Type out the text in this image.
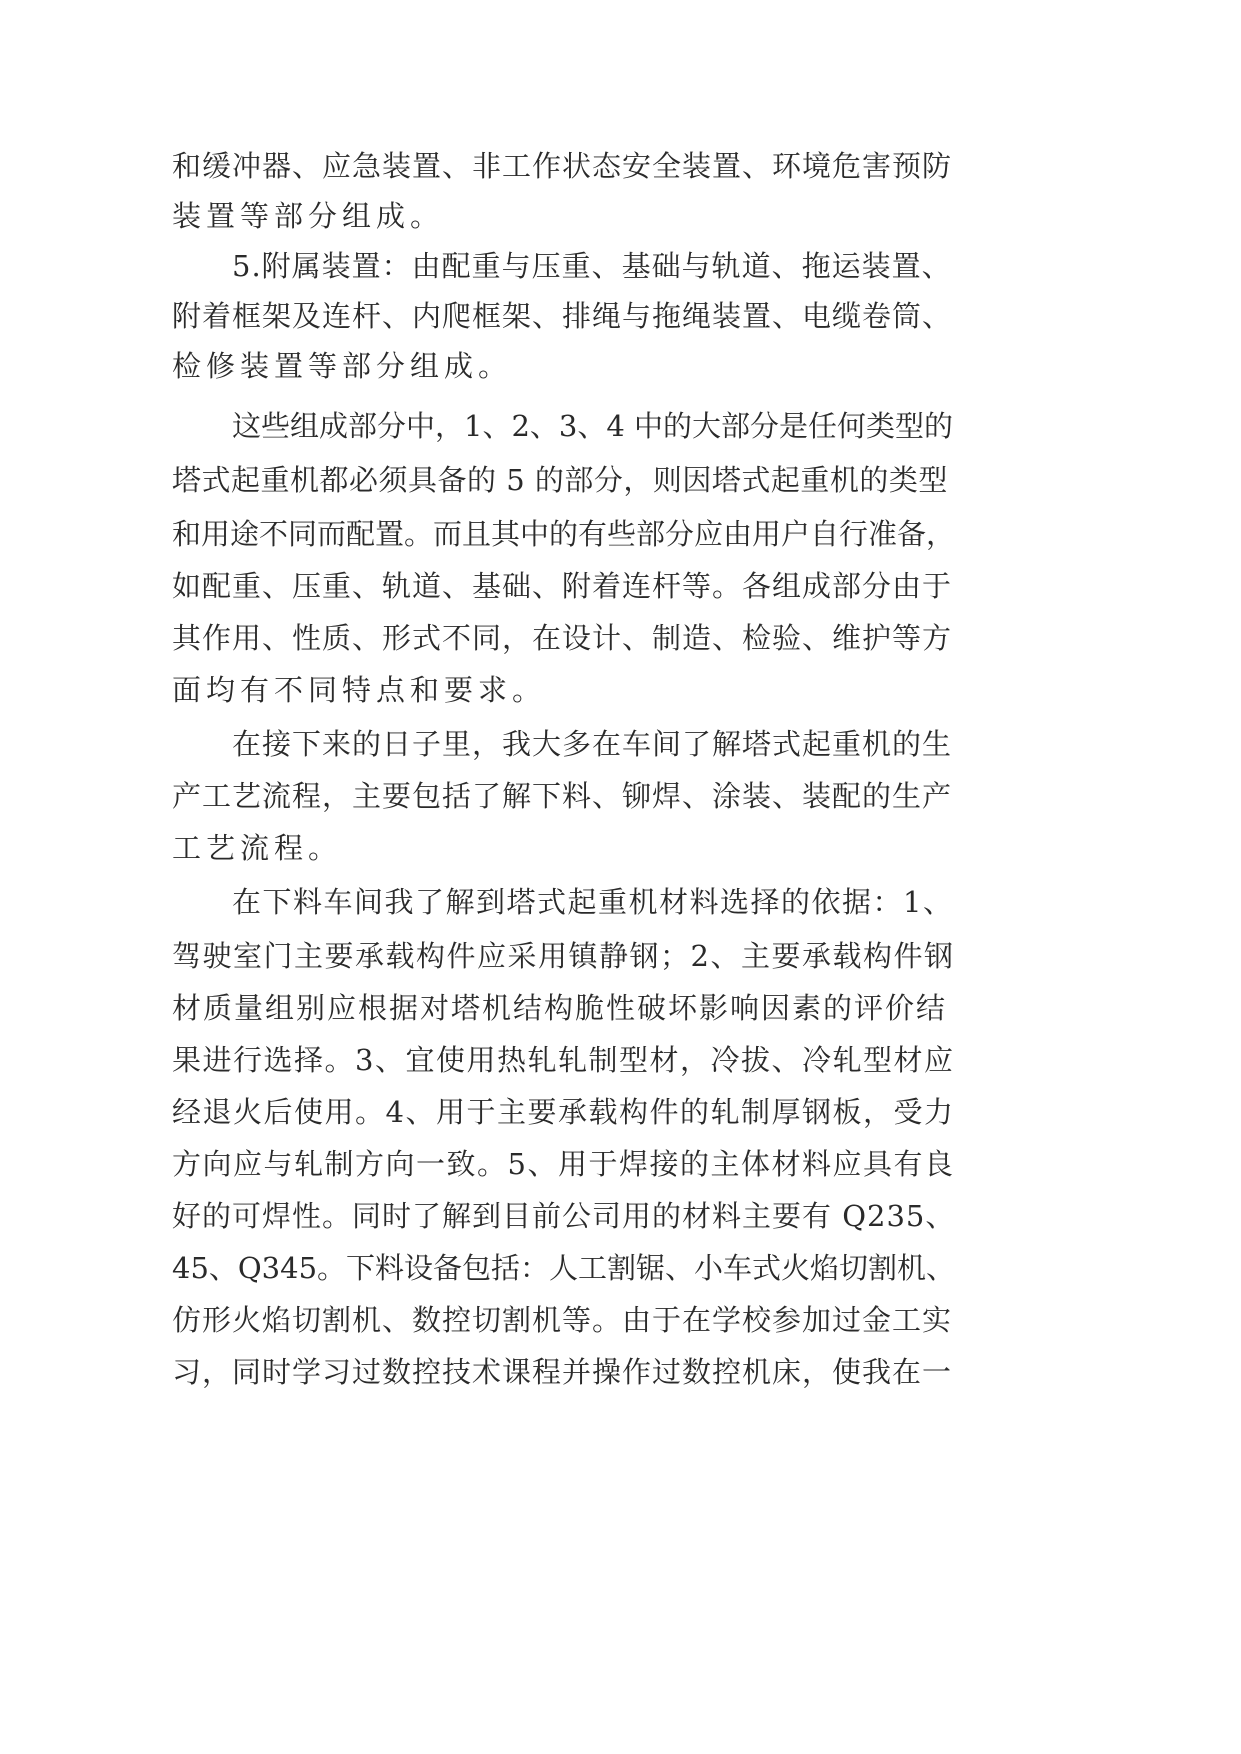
和缓冲器、应急装置、非工作状态安全装置、环境危害预防

装置等部分组成。

5.附属装置：由配重与压重、基础与轨道、拖运装置、

附着框架及连杆、内爬框架、排绳与拖绳装置、电缆卷筒、

检修装置等部分组成。

这些组成部分中，1、2、3、4 中的大部分是任何类型的

塔式起重机都必须具备的 5 的部分，则因塔式起重机的类型

和用途不同而配置。而且其中的有些部分应由用户自行准备，

如配重、压重、轨道、基础、附着连杆等。各组成部分由于

其作用、性质、形式不同，在设计、制造、检验、维护等方

面均有不同特点和要求。

在接下来的日子里，我大多在车间了解塔式起重机的生

产工艺流程，主要包括了解下料、铆焊、涂装、装配的生产

工艺流程。

在下料车间我了解到塔式起重机材料选择的依据：1、

驾驶室门主要承载构件应采用镇静钢；2、主要承载构件钢

材质量组别应根据对塔机结构脆性破坏影响因素的评价结

果进行选择。3、宜使用热轧轧制型材，冷拔、冷轧型材应

经退火后使用。4、用于主要承载构件的轧制厚钢板，受力

方向应与轧制方向一致。5、用于焊接的主体材料应具有良

好的可焊性。同时了解到目前公司用的材料主要有 Q235、

45、Q345。下料设备包括：人工割锯、小车式火焰切割机、

仿形火焰切割机、数控切割机等。由于在学校参加过金工实

习，同时学习过数控技术课程并操作过数控机床，使我在一
